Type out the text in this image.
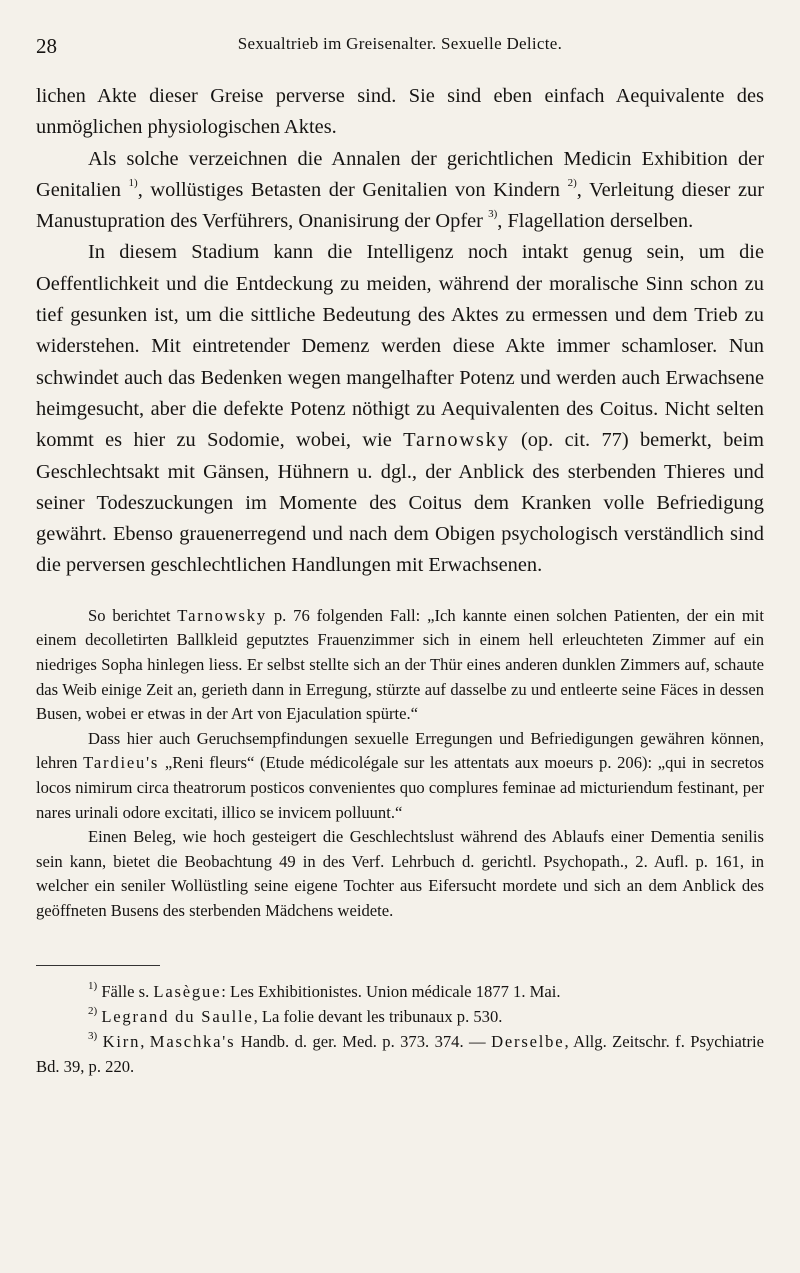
28	Sexualtrieb im Greisenalter. Sexuelle Delicte.

lichen Akte dieser Greise perverse sind. Sie sind eben einfach Aequivalente des unmöglichen physiologischen Aktes.

Als solche verzeichnen die Annalen der gerichtlichen Medicin Exhibition der Genitalien $^{1)}$, wollüstiges Betasten der Genitalien von Kindern $^{2)}$, Verleitung dieser zur Manustupration des Verführers, Onanisirung der Opfer $^{3)}$, Flagellation derselben.

In diesem Stadium kann die Intelligenz noch intakt genug sein, um die Oeffentlichkeit und die Entdeckung zu meiden, während der moralische Sinn schon zu tief gesunken ist, um die sittliche Bedeutung des Aktes zu ermessen und dem Trieb zu widerstehen. Mit eintretender Demenz werden diese Akte immer schamloser. Nun schwindet auch das Bedenken wegen mangelhafter Potenz und werden auch Erwachsene heimgesucht, aber die defekte Potenz nöthigt zu Aequivalenten des Coitus. Nicht selten kommt es hier zu Sodomie, wobei, wie Tarnowsky (op. cit. 77) bemerkt, beim Geschlechtsakt mit Gänsen, Hühnern u. dgl., der Anblick des sterbenden Thieres und seiner Todeszuckungen im Momente des Coitus dem Kranken volle Befriedigung gewährt. Ebenso grauenerregend und nach dem Obigen psychologisch verständlich sind die perversen geschlechtlichen Handlungen mit Erwachsenen.

So berichtet Tarnowsky p. 76 folgenden Fall: „Ich kannte einen solchen Patienten, der ein mit einem decolletirten Ballkleid geputztes Frauenzimmer sich in einem hell erleuchteten Zimmer auf ein niedriges Sopha hinlegen liess. Er selbst stellte sich an der Thür eines anderen dunklen Zimmers auf, schaute das Weib einige Zeit an, gerieth dann in Erregung, stürzte auf dasselbe zu und entleerte seine Fäces in dessen Busen, wobei er etwas in der Art von Ejaculation spürte.“

Dass hier auch Geruchsempfindungen sexuelle Erregungen und Befriedigungen gewähren können, lehren Tardieu's „Reni fleurs“ (Etude médicolégale sur les attentats aux moeurs p. 206): „qui in secretos locos nimirum circa theatrorum posticos convenientes quo complures feminae ad micturiendum festinant, per nares urinali odore excitati, illico se invicem polluunt.“

Einen Beleg, wie hoch gesteigert die Geschlechtslust während des Ablaufs einer Dementia senilis sein kann, bietet die Beobachtung 49 in des Verf. Lehrbuch d. gerichtl. Psychopath., 2. Aufl. p. 161, in welcher ein seniler Wollüstling seine eigene Tochter aus Eifersucht mordete und sich an dem Anblick des geöffneten Busens des sterbenden Mädchens weidete.

$^{1)}$ Fälle s. Lasègue: Les Exhibitionistes. Union médicale 1877 1. Mai.

$^{2)}$ Legrand du Saulle, La folie devant les tribunaux p. 530.

$^{3)}$ Kirn, Maschka's Handb. d. ger. Med. p. 373. 374. — Derselbe, Allg. Zeitschr. f. Psychiatrie Bd. 39, p. 220.
